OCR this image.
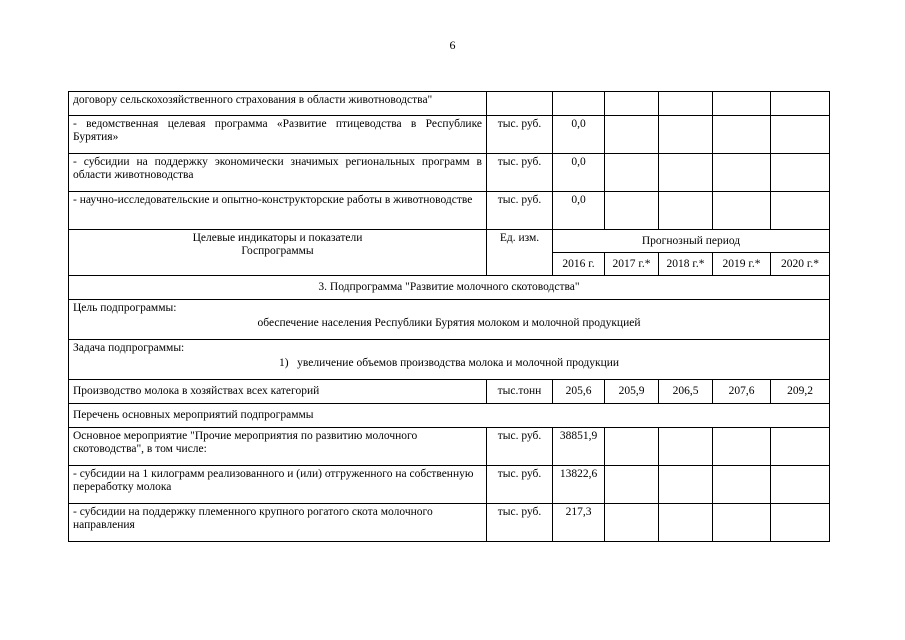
6
договору сельскохозяйственного страхования в области животноводства"						
- ведомственная целевая программа «Развитие птицеводства в Республике Бурятия»	тыс. руб.	0,0				
- субсидии на поддержку экономически значимых региональных программ в области животноводства	тыс. руб.	0,0				
- научно-исследовательские и опытно-конструкторские работы в животноводстве	тыс. руб.	0,0				
Целевые индикаторы и показатели Госпрограммы	Ед. изм.	Прогнозный период				
		2016 г.	2017 г.*	2018 г.*	2019 г.*	2020 г.*
3. Подпрограмма "Развитие молочного скотоводства"						

Цель подпрограммы:
обеспечение населения Республики Бурятия молоком и молочной продукцией						

Задача подпрограммы:
1) увеличение объемов производства молока и молочной продукции						

Производство молока в хозяйствах всех категорий	тыс.тонн	205,6	205,9	206,5	207,6	209,2
Перечень основных мероприятий подпрограммы						
Основное мероприятие "Прочие мероприятия по развитию молочного скотоводства", в том числе:	тыс. руб.	38851,9				
- субсидии на 1 килограмм реализованного и (или) отгруженного на собственную переработку молока	тыс. руб.	13822,6				
- субсидии на поддержку племенного крупного рогатого скота молочного направления	тыс. руб.	217,3				
